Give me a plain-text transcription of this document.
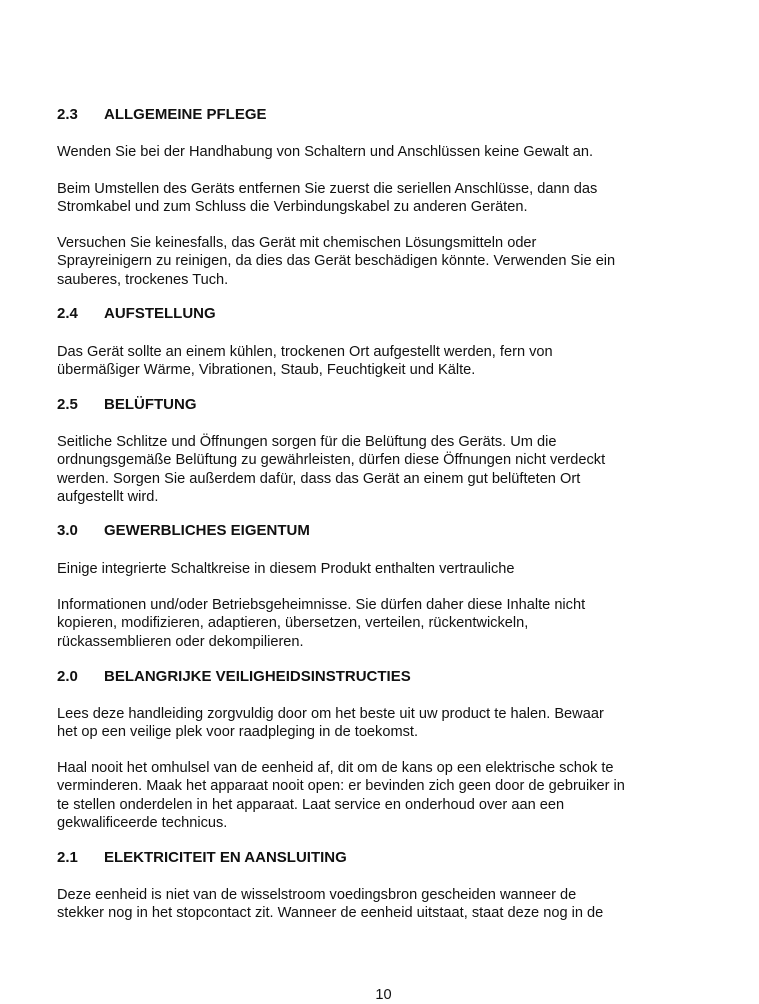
2.3 ALLGEMEINE PFLEGE
Wenden Sie bei der Handhabung von Schaltern und Anschlüssen keine Gewalt an.
Beim Umstellen des Geräts entfernen Sie zuerst die seriellen Anschlüsse, dann das
Stromkabel und zum Schluss die Verbindungskabel zu anderen Geräten.
Versuchen Sie keinesfalls, das Gerät mit chemischen Lösungsmitteln oder
Sprayreinigern zu reinigen, da dies das Gerät beschädigen könnte. Verwenden Sie ein
sauberes, trockenes Tuch.
2.4 AUFSTELLUNG
Das Gerät sollte an einem kühlen, trockenen Ort aufgestellt werden, fern von
übermäßiger Wärme, Vibrationen, Staub, Feuchtigkeit und Kälte.
2.5 BELÜFTUNG
Seitliche Schlitze und Öffnungen sorgen für die Belüftung des Geräts. Um die
ordnungsgemäße Belüftung zu gewährleisten, dürfen diese Öffnungen nicht verdeckt
werden. Sorgen Sie außerdem dafür, dass das Gerät an einem gut belüfteten Ort
aufgestellt wird.
3.0 GEWERBLICHES EIGENTUM
Einige integrierte Schaltkreise in diesem Produkt enthalten vertrauliche
Informationen und/oder Betriebsgeheimnisse. Sie dürfen daher diese Inhalte nicht
kopieren, modifizieren, adaptieren, übersetzen, verteilen, rückentwickeln,
rückassemblieren oder dekompilieren.
2.0 BELANGRIJKE VEILIGHEIDSINSTRUCTIES
Lees deze handleiding zorgvuldig door om het beste uit uw product te halen. Bewaar
het op een veilige plek voor raadpleging in de toekomst.
Haal nooit het omhulsel van de eenheid af, dit om de kans op een elektrische schok te
verminderen. Maak het apparaat nooit open: er bevinden zich geen door de gebruiker in
te stellen onderdelen in het apparaat. Laat service en onderhoud over aan een
gekwalificeerde technicus.
2.1 ELEKTRICITEIT EN AANSLUITING
Deze eenheid is niet van de wisselstroom voedingsbron gescheiden wanneer de
stekker nog in het stopcontact zit. Wanneer de eenheid uitstaat, staat deze nog in de
10
